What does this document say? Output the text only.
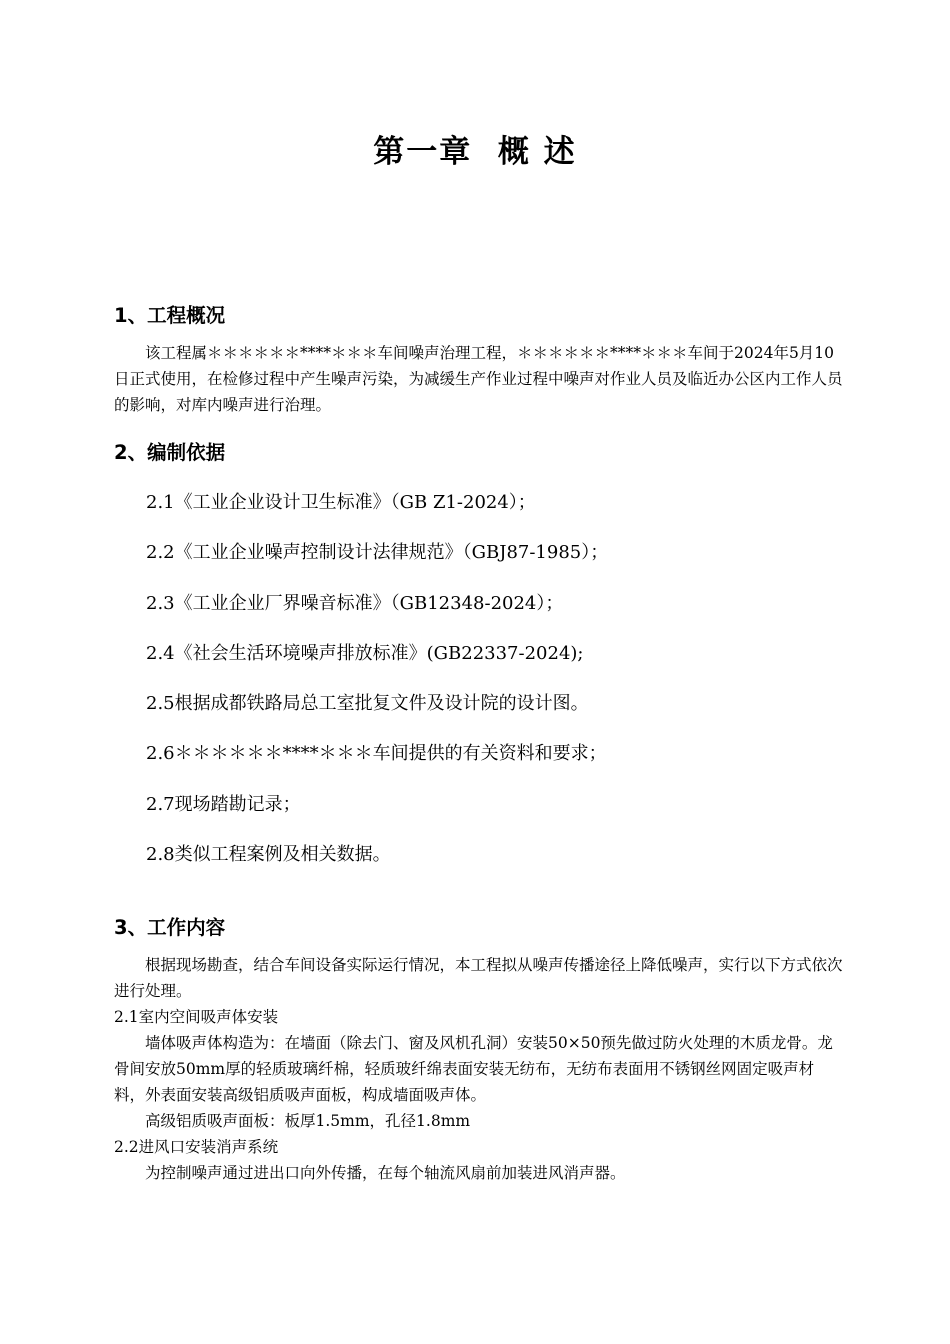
第一章  概 述
1、工程概况

该工程属＊＊＊＊＊＊****＊＊＊车间噪声治理工程，＊＊＊＊＊＊****＊＊＊车间于2024年5月10日正式使用，在检修过程中产生噪声污染，为减缓生产作业过程中噪声对作业人员及临近办公区内工作人员的影响，对库内噪声进行治理。

2、编制依据
2.1《工业企业设计卫生标准》（GB Z1-2024）；
2.2《工业企业噪声控制设计法律规范》（GBJ87-1985）；
2.3《工业企业厂界噪音标准》（GB12348-2024）；
2.4《社会生活环境噪声排放标准》(GB22337-2024);
2.5根据成都铁路局总工室批复文件及设计院的设计图。
2.6＊＊＊＊＊＊****＊＊＊车间提供的有关资料和要求；
2.7现场踏勘记录；
2.8类似工程案例及相关数据。
3、工作内容

根据现场勘查，结合车间设备实际运行情况，本工程拟从噪声传播途径上降低噪声，实行以下方式依次进行处理。

2.1室内空间吸声体安装

墙体吸声体构造为：在墙面（除去门、窗及风机孔洞）安装50×50预先做过防火处理的木质龙骨。龙骨间安放50mm厚的轻质玻璃纤棉，轻质玻纤绵表面安装无纺布，无纺布表面用不锈钢丝网固定吸声材料，外表面安装高级铝质吸声面板，构成墙面吸声体。

高级铝质吸声面板：板厚1.5mm，孔径1.8mm

2.2进风口安装消声系统

为控制噪声通过进出口向外传播，在每个轴流风扇前加装进风消声器。
